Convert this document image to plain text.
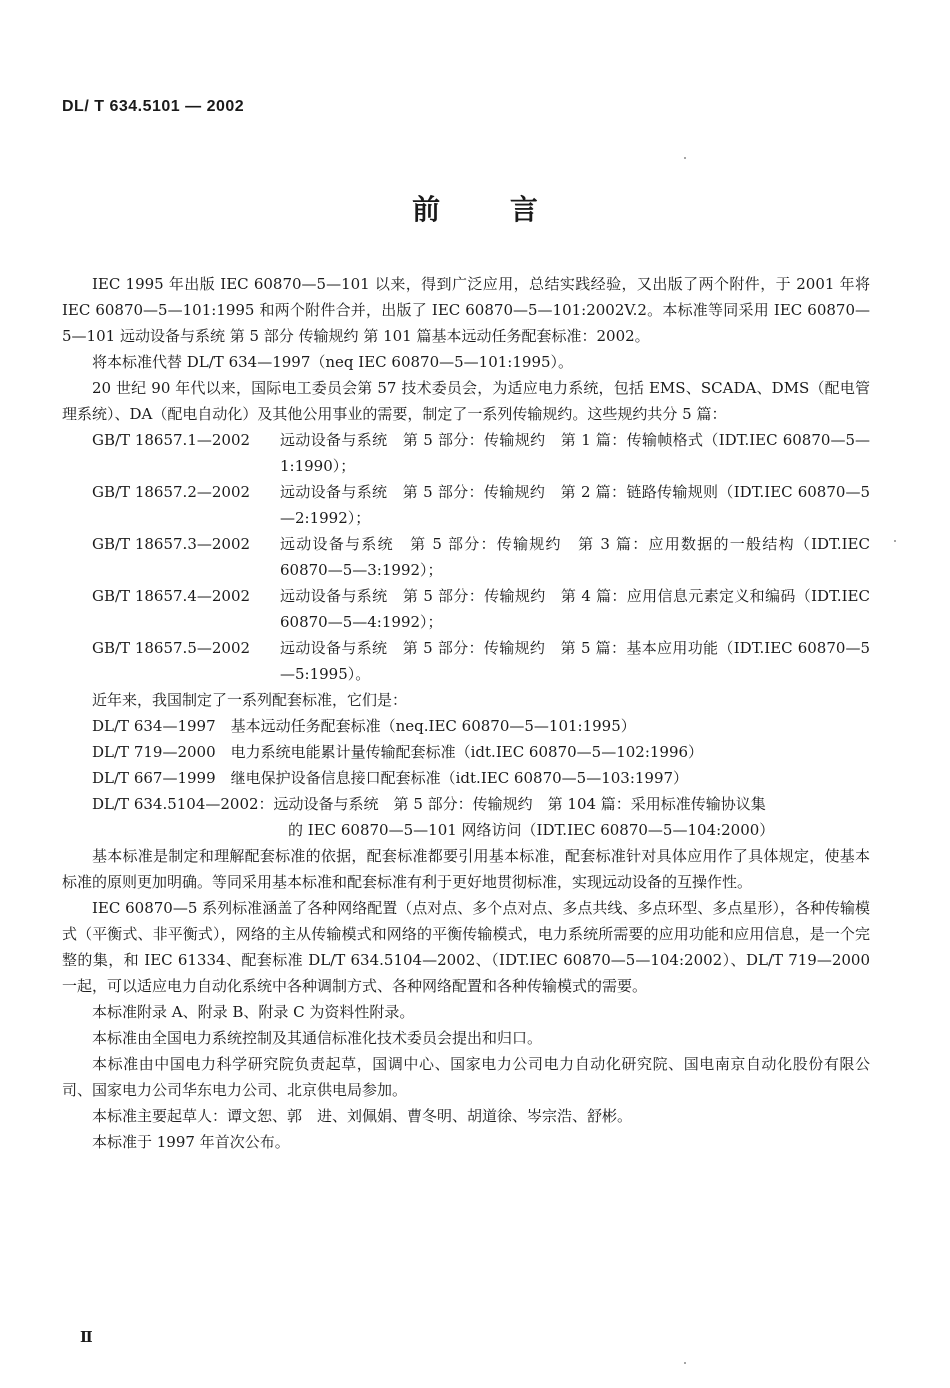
DL/ T 634.5101 — 2002
前 言

IEC 1995 年出版 IEC 60870—5—101 以来，得到广泛应用，总结实践经验，又出版了两个附件，于 2001 年将 IEC 60870—5—101:1995 和两个附件合并，出版了 IEC 60870—5—101:2002V.2。本标准等同采用 IEC 60870—5—101 远动设备与系统 第 5 部分 传输规约 第 101 篇基本远动任务配套标准：2002。

将本标准代替 DL/T 634—1997（neq IEC 60870—5—101:1995）。

20 世纪 90 年代以来，国际电工委员会第 57 技术委员会，为适应电力系统，包括 EMS、SCADA、DMS（配电管理系统）、DA（配电自动化）及其他公用事业的需要，制定了一系列传输规约。这些规约共分 5 篇：

GB/T 18657.1—2002	远动设备与系统　第 5 部分：传输规约　第 1 篇：传输帧格式（IDT.IEC 60870—5—1:1990）；
GB/T 18657.2—2002	远动设备与系统　第 5 部分：传输规约　第 2 篇：链路传输规则（IDT.IEC 60870—5—2:1992）；
GB/T 18657.3—2002	远动设备与系统　第 5 部分：传输规约　第 3 篇：应用数据的一般结构（IDT.IEC 60870—5—3:1992）；
GB/T 18657.4—2002	远动设备与系统　第 5 部分：传输规约　第 4 篇：应用信息元素定义和编码（IDT.IEC 60870—5—4:1992）；
GB/T 18657.5—2002	远动设备与系统　第 5 部分：传输规约　第 5 篇：基本应用功能（IDT.IEC 60870—5—5:1995）。

近年来，我国制定了一系列配套标准，它们是：

DL/T 634—1997　基本远动任务配套标准（neq.IEC 60870—5—101:1995）

DL/T 719—2000　电力系统电能累计量传输配套标准（idt.IEC 60870—5—102:1996）

DL/T 667—1999　继电保护设备信息接口配套标准（idt.IEC 60870—5—103:1997）

DL/T 634.5104—2002：远动设备与系统　第 5 部分：传输规约　第 104 篇：采用标准传输协议集

的 IEC 60870—5—101 网络访问（IDT.IEC 60870—5—104:2000）

基本标准是制定和理解配套标准的依据，配套标准都要引用基本标准，配套标准针对具体应用作了具体规定，使基本标准的原则更加明确。等同采用基本标准和配套标准有利于更好地贯彻标准，实现远动设备的互操作性。

IEC 60870—5 系列标准涵盖了各种网络配置（点对点、多个点对点、多点共线、多点环型、多点星形），各种传输模式（平衡式、非平衡式），网络的主从传输模式和网络的平衡传输模式，电力系统所需要的应用功能和应用信息，是一个完整的集，和 IEC 61334、配套标准 DL/T 634.5104—2002、（IDT.IEC 60870—5—104:2002）、DL/T 719—2000 一起，可以适应电力自动化系统中各种调制方式、各种网络配置和各种传输模式的需要。

本标准附录 A、附录 B、附录 C 为资料性附录。

本标准由全国电力系统控制及其通信标准化技术委员会提出和归口。

本标准由中国电力科学研究院负责起草，国调中心、国家电力公司电力自动化研究院、国电南京自动化股份有限公司、国家电力公司华东电力公司、北京供电局参加。

本标准主要起草人：谭文恕、郭　进、刘佩娟、曹冬明、胡道徐、岑宗浩、舒彬。

本标准于 1997 年首次公布。

Ⅱ
